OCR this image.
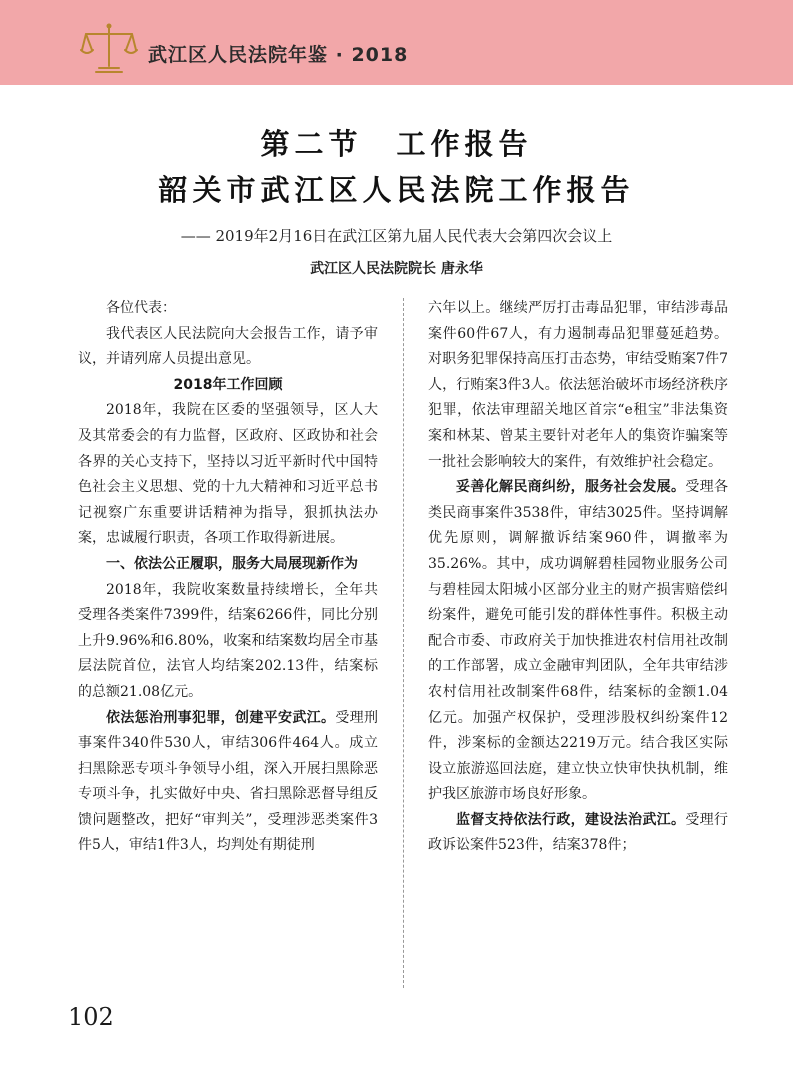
武江区人民法院年鉴 · 2018
第二节　工作报告
韶关市武江区人民法院工作报告
—— 2019年2月16日在武江区第九届人民代表大会第四次会议上
武江区人民法院院长 唐永华

各位代表：

我代表区人民法院向大会报告工作，请予审议，并请列席人员提出意见。

2018年工作回顾

2018年，我院在区委的坚强领导，区人大及其常委会的有力监督，区政府、区政协和社会各界的关心支持下，坚持以习近平新时代中国特色社会主义思想、党的十九大精神和习近平总书记视察广东重要讲话精神为指导，狠抓执法办案，忠诚履行职责，各项工作取得新进展。

一、依法公正履职，服务大局展现新作为

2018年，我院收案数量持续增长，全年共受理各类案件7399件，结案6266件，同比分别上升9.96%和6.80%，收案和结案数均居全市基层法院首位，法官人均结案202.13件，结案标的总额21.08亿元。

依法惩治刑事犯罪，创建平安武江。受理刑事案件340件530人，审结306件464人。成立扫黑除恶专项斗争领导小组，深入开展扫黑除恶专项斗争，扎实做好中央、省扫黑除恶督导组反馈问题整改，把好“审判关”，受理涉恶类案件3件5人，审结1件3人，均判处有期徒刑

六年以上。继续严厉打击毒品犯罪，审结涉毒品案件60件67人，有力遏制毒品犯罪蔓延趋势。对职务犯罪保持高压打击态势，审结受贿案7件7人，行贿案3件3人。依法惩治破坏市场经济秩序犯罪，依法审理韶关地区首宗“e租宝”非法集资案和林某、曾某主要针对老年人的集资诈骗案等一批社会影响较大的案件，有效维护社会稳定。

妥善化解民商纠纷，服务社会发展。受理各类民商事案件3538件，审结3025件。坚持调解优先原则，调解撤诉结案960件，调撤率为35.26%。其中，成功调解碧桂园物业服务公司与碧桂园太阳城小区部分业主的财产损害赔偿纠纷案件，避免可能引发的群体性事件。积极主动配合市委、市政府关于加快推进农村信用社改制的工作部署，成立金融审判团队，全年共审结涉农村信用社改制案件68件，结案标的金额1.04亿元。加强产权保护，受理涉股权纠纷案件12件，涉案标的金额达2219万元。结合我区实际设立旅游巡回法庭，建立快立快审快执机制，维护我区旅游市场良好形象。

监督支持依法行政，建设法治武江。受理行政诉讼案件523件，结案378件；

102
